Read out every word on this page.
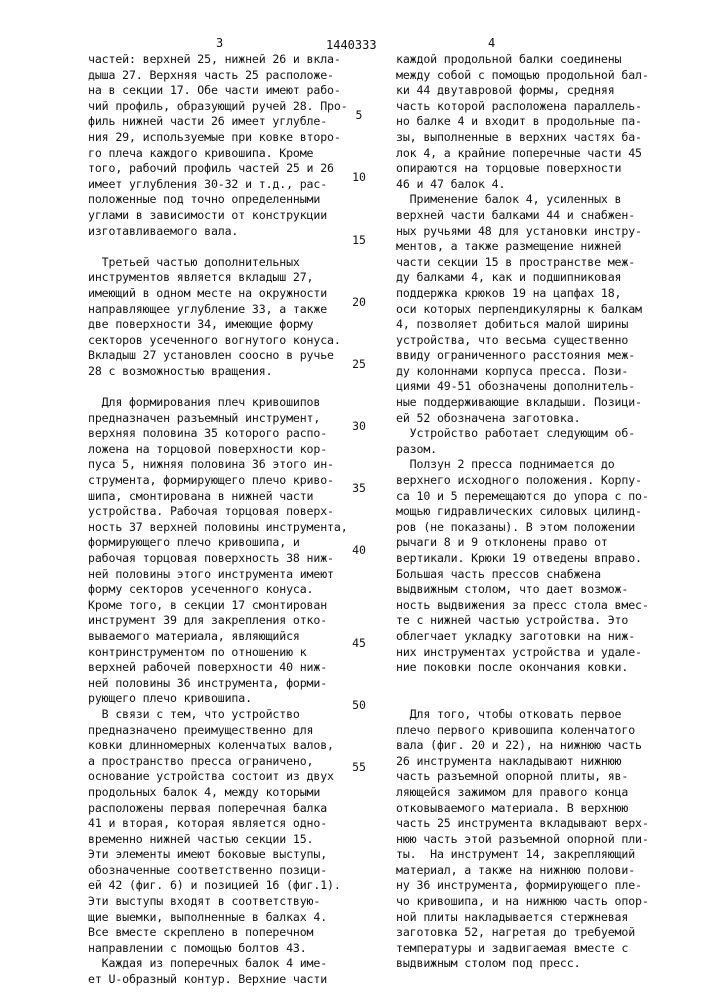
3	1440333	4
частей: верхней 25, нижней 26 и вкла-
дыша 27. Верхняя часть 25 расположе-
на в секции 17. Обе части имеют рабо-
чий профиль, образующий ручей 28. Про-
филь нижней части 26 имеет углубле-
ния 29, используемые при ковке второ-
го плеча каждого кривошипа. Кроме
того, рабочий профиль частей 25 и 26
имеет углубления 30-32 и т.д., рас-
положенные под точно определенными
углами в зависимости от конструкции
изготавливаемого вала.
Третьей частью дополнительных
инструментов является вкладыш 27,
имеющий в одном месте на окружности
направляющее углубление 33, а также
две поверхности 34, имеющие форму
секторов усеченного вогнутого конуса.
Вкладыш 27 установлен соосно в ручье
28 с возможностью вращения.
Для формирования плеч кривошипов
предназначен разъемный инструмент,
верхняя половина 35 которого распо-
ложена на торцовой поверхности кор-
пуса 5, нижняя половина 36 этого ин-
струмента, формирующего плечо криво-
шипа, смонтирована в нижней части
устройства. Рабочая торцовая поверх-
ность 37 верхней половины инструмента,
формирующего плечо кривошипа, и
рабочая торцовая поверхность 38 ниж-
ней половины этого инструмента имеют
форму секторов усеченного конуса.
Кроме того, в секции 17 смонтирован
инструмент 39 для закрепления отко-
вываемого материала, являющийся
контринструментом по отношению к
верхней рабочей поверхности 40 ниж-
ней половины 36 инструмента, форми-
рующего плечо кривошипа.
В связи с тем, что устройство
предназначено преимущественно для
ковки длинномерных коленчатых валов,
а пространство пресса ограничено,
основание устройства состоит из двух
продольных балок 4, между которыми
расположены первая поперечная балка
41 и вторая, которая является одно-
временно нижней частью секции 15.
Эти элементы имеют боковые выступы,
обозначенные соответственно позици-
ей 42 (фиг. 6) и позицией 16 (фиг.1).
Эти выступы входят в соответствую-
щие выемки, выполненные в балках 4.
Все вместе скреплено в поперечном
направлении с помощью болтов 43.
Каждая из поперечных балок 4 име-
ет U-образный контур. Верхние части
5
10
15
20
25
30
35
40
45
50
55
каждой продольной балки соединены
между собой с помощью продольной бал-
ки 44 двутавровой формы, средняя
часть которой расположена параллель-
но балке 4 и входит в продольные па-
зы, выполненные в верхних частях ба-
лок 4, а крайние поперечные части 45
опираются на торцовые поверхности
46 и 47 балок 4.
Применение балок 4, усиленных в
верхней части балками 44 и снабжен-
ных ручьями 48 для установки инстру-
ментов, а также размещение нижней
части секции 15 в пространстве меж-
ду балками 4, как и подшипниковая
поддержка крюков 19 на цапфах 18,
оси которых перпендикулярны к балкам
4, позволяет добиться малой ширины
устройства, что весьма существенно
ввиду ограниченного расстояния меж-
ду колоннами корпуса пресса. Пози-
циями 49-51 обозначены дополнитель-
ные поддерживающие вкладыши. Позици-
ей 52 обозначена заготовка.
Устройство работает следующим об-
разом.
Ползун 2 пресса поднимается до
верхнего исходного положения. Корпу-
са 10 и 5 перемещаются до упора с по-
мощью гидравлических силовых цилинд-
ров (не показаны). В этом положении
рычаги 8 и 9 отклонены право от
вертикали. Крюки 19 отведены вправо.
Большая часть прессов снабжена
выдвижным столом, что дает возмож-
ность выдвижения за пресс стола вмес-
те с нижней частью устройства. Это
облегчает укладку заготовки на ниж-
них инструментах устройства и удале-
ние поковки после окончания ковки.
Для того, чтобы отковать первое
плечо первого кривошипа коленчатого
вала (фиг. 20 и 22), на нижнюю часть
26 инструмента накладывают нижнюю
часть разъемной опорной плиты, яв-
ляющейся зажимом для правого конца
отковываемого материала. В верхнюю
часть 25 инструмента вкладывают верх-
нюю часть этой разъемной опорной пли-
ты.  На инструмент 14, закрепляющий
материал, а также на нижнюю полови-
ну 36 инструмента, формирующего пле-
чо кривошипа, и на нижнюю часть опор-
ной плиты накладывается стержневая
заготовка 52, нагретая до требуемой
температуры и задвигаемая вместе с
выдвижным столом под пресс.
